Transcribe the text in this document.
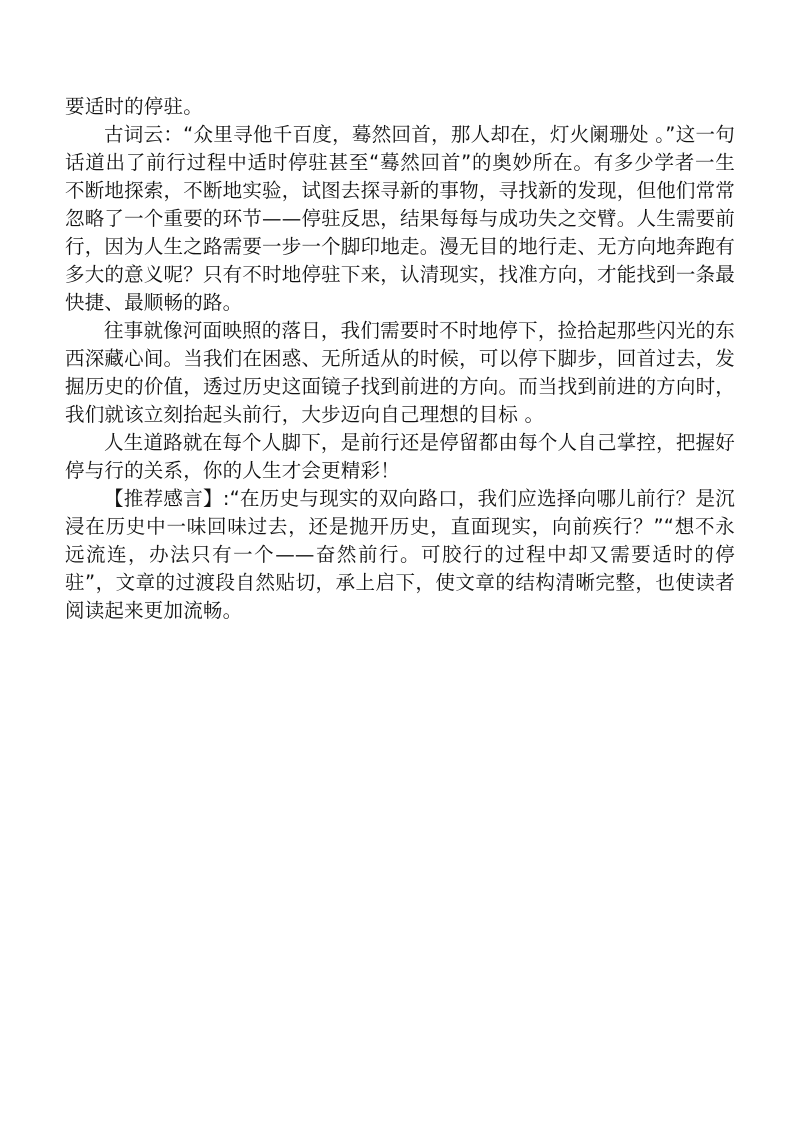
要适时的停驻。

古词云：“众里寻他千百度，蓦然回首，那人却在，灯火阑珊处 。”这一句话道出了前行过程中适时停驻甚至“蓦然回首”的奥妙所在。有多少学者一生不断地探索，不断地实验，试图去探寻新的事物，寻找新的发现，但他们常常忽略了一个重要的环节——停驻反思，结果每每与成功失之交臂。人生需要前行，因为人生之路需要一步一个脚印地走。漫无目的地行走、无方向地奔跑有多大的意义呢？只有不时地停驻下来，认清现实，找准方向，才能找到一条最快捷、最顺畅的路。

往事就像河面映照的落日，我们需要时不时地停下，捡拾起那些闪光的东西深藏心间。当我们在困惑、无所适从的时候，可以停下脚步，回首过去，发掘历史的价值，透过历史这面镜子找到前进的方向。而当找到前进的方向时，我们就该立刻抬起头前行，大步迈向自己理想的目标 。

人生道路就在每个人脚下，是前行还是停留都由每个人自己掌控，把握好停与行的关系，你的人生才会更精彩！

【推荐感言】:“在历史与现实的双向路口，我们应选择向哪儿前行？是沉浸在历史中一味回味过去，还是抛开历史，直面现实，向前疾行？”“想不永远流连，办法只有一个——奋然前行。可胶行的过程中却又需要适时的停驻”，文章的过渡段自然贴切，承上启下，使文章的结构清晰完整，也使读者阅读起来更加流畅。
